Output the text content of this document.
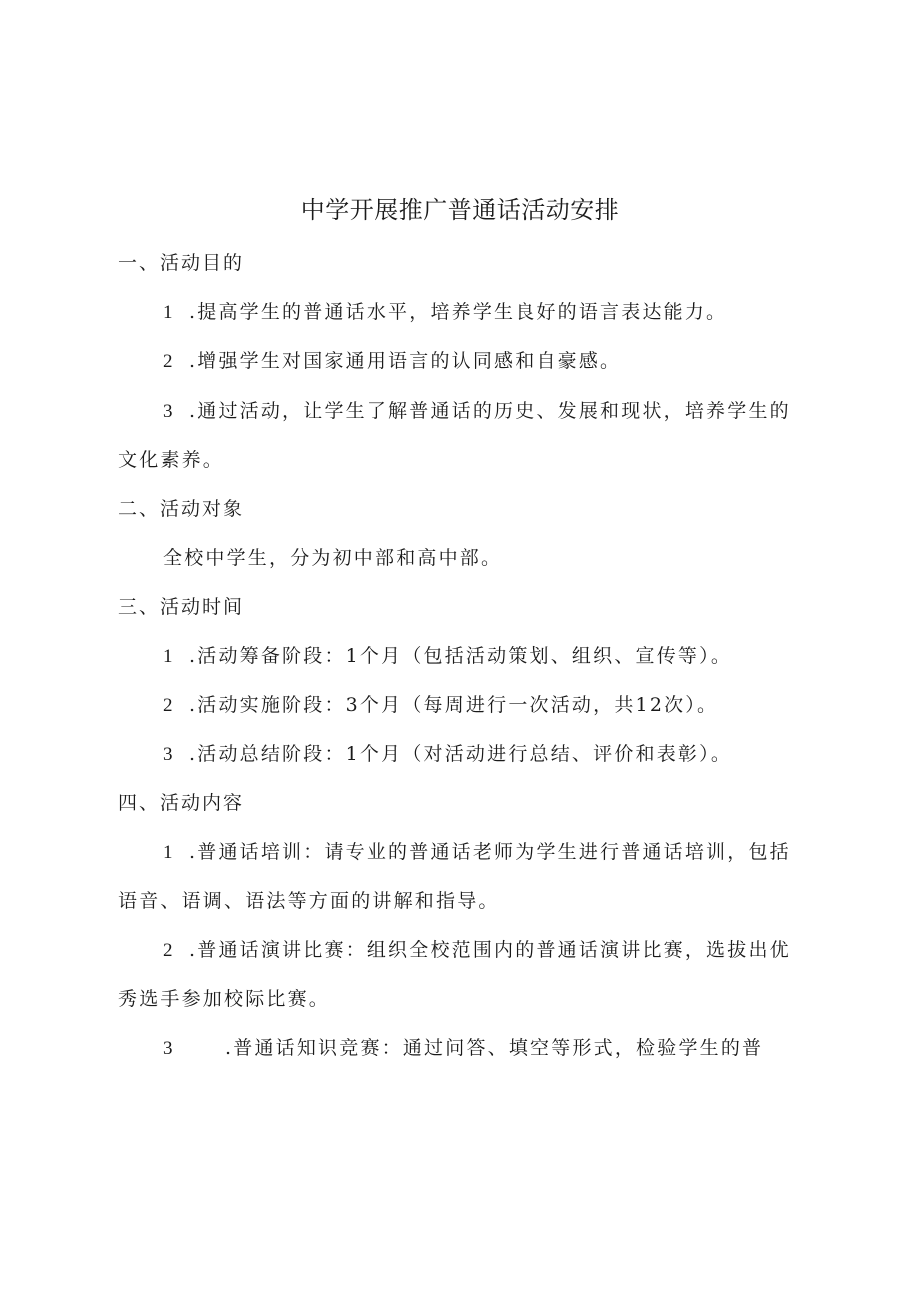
中学开展推广普通话活动安排
一、活动目的
1 .提高学生的普通话水平，培养学生良好的语言表达能力。
2 .增强学生对国家通用语言的认同感和自豪感。
3 .通过活动，让学生了解普通话的历史、发展和现状，培养学生的
文化素养。
二、活动对象
全校中学生，分为初中部和高中部。
三、活动时间
1 .活动筹备阶段：1个月（包括活动策划、组织、宣传等）。
2 .活动实施阶段：3个月（每周进行一次活动，共12次）。
3 .活动总结阶段：1个月（对活动进行总结、评价和表彰）。
四、活动内容
1 .普通话培训：请专业的普通话老师为学生进行普通话培训，包括
语音、语调、语法等方面的讲解和指导。
2 .普通话演讲比赛：组织全校范围内的普通话演讲比赛，选拔出优
秀选手参加校际比赛。
3	.普通话知识竞赛：通过问答、填空等形式，检验学生的普
